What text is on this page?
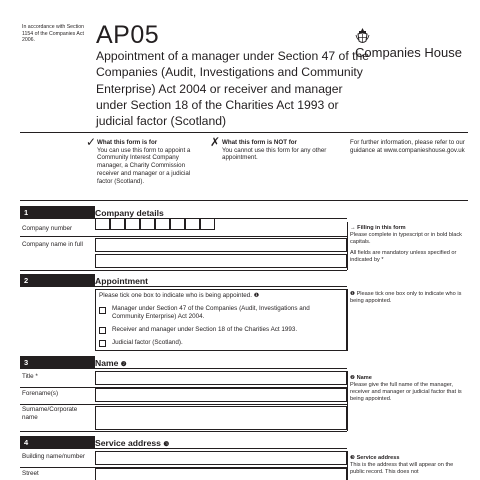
In accordance with Section 1154 of the Companies Act 2006.	AP05
Appointment of a manager under Section 47 of the Companies (Audit, Investigations and Community Enterprise) Act 2004 or receiver and manager under Section 18 of the Charities Act 1993 or judicial factor (Scotland)
Companies House
✓ What this form is for
You can use this form to appoint a Community Interest Company manager, a Charity Commission receiver and manager or a judicial factor (Scotland).
✗ What this form is NOT for
You cannot use this form for any other appointment.
For further information, please refer to our guidance at www.companieshouse.gov.uk
1	Company details
Company number
Company name in full
→ Filling in this form
Please complete in typescript or in bold black capitals.

All fields are mandatory unless specified or indicated by *
2	Appointment
Please tick one box to indicate who is being appointed. ❶
Manager under Section 47 of the Companies (Audit, Investigations and Community Enterprise) Act 2004.
Receiver and manager under Section 18 of the Charities Act 1993.
Judicial factor (Scotland).
❶ Please tick one box only to indicate who is being appointed.
3	Name ❷
Title *
Forename(s)
Surname/Corporate name
❷ Name
Please give the full name of the manager, receiver and manager or judicial factor that is being appointed.
4	Service address ❸
Building name/number
Street
❸ Service address
This is the address that will appear on the public record. This does not
